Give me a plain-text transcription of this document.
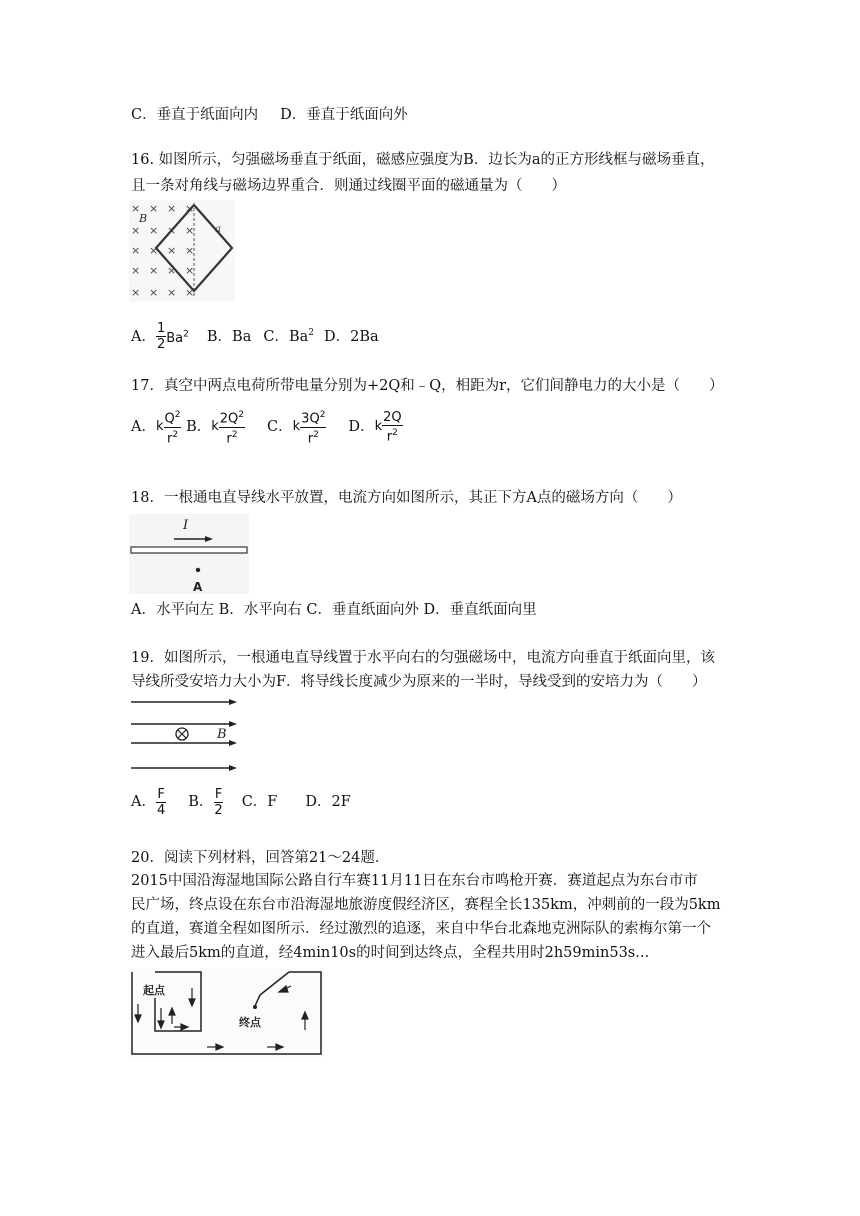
C．垂直于纸面向内 D．垂直于纸面向外
16. 如图所示，匀强磁场垂直于纸面，磁感应强度为B．边长为a的正方形线框与磁场垂直，
且一条对角线与磁场边界重合．则通过线圈平面的磁通量为（　　）
× × × ×
× × × ×
× × × ×
× × × ×
× × × ×
B
a
A． $\frac{1}{2} Ba^2$ B．Ba C．Ba$^2$ D．2Ba
17．真空中两点电荷所带电量分别为+2Q和﹣Q，相距为r，它们间静电力的大小是（　　）
A．k $\frac{Q^2}{r^2}$ B．k $\frac{2Q^2}{r^2}$ C．k $\frac{3Q^2}{r^2}$ D．k $\frac{2Q}{r^2}$
18．一根通电直导线水平放置，电流方向如图所示，其正下方A点的磁场方向（　　）
I
A
A．水平向左 B．水平向右 C．垂直纸面向外 D．垂直纸面向里
19．如图所示，一根通电直导线置于水平向右的匀强磁场中，电流方向垂直于纸面向里，该
导线所受安培力大小为F．将导线长度减少为原来的一半时，导线受到的安培力为（　　）
B
A． $\frac{F}{4}$ B． $\frac{F}{2}$ C．F D．2F
20．阅读下列材料，回答第21～24题．
2015中国沿海湿地国际公路自行车赛11月11日在东台市鸣枪开赛．赛道起点为东台市市
民广场，终点设在东台市沿海湿地旅游度假经济区，赛程全长135km，冲刺前的一段为5km
的直道，赛道全程如图所示．经过激烈的追逐，来自中华台北森地克洲际队的索梅尔第一个
进入最后5km的直道，经4min10s的时间到达终点，全程共用时2h59min53s...
起点
终点
